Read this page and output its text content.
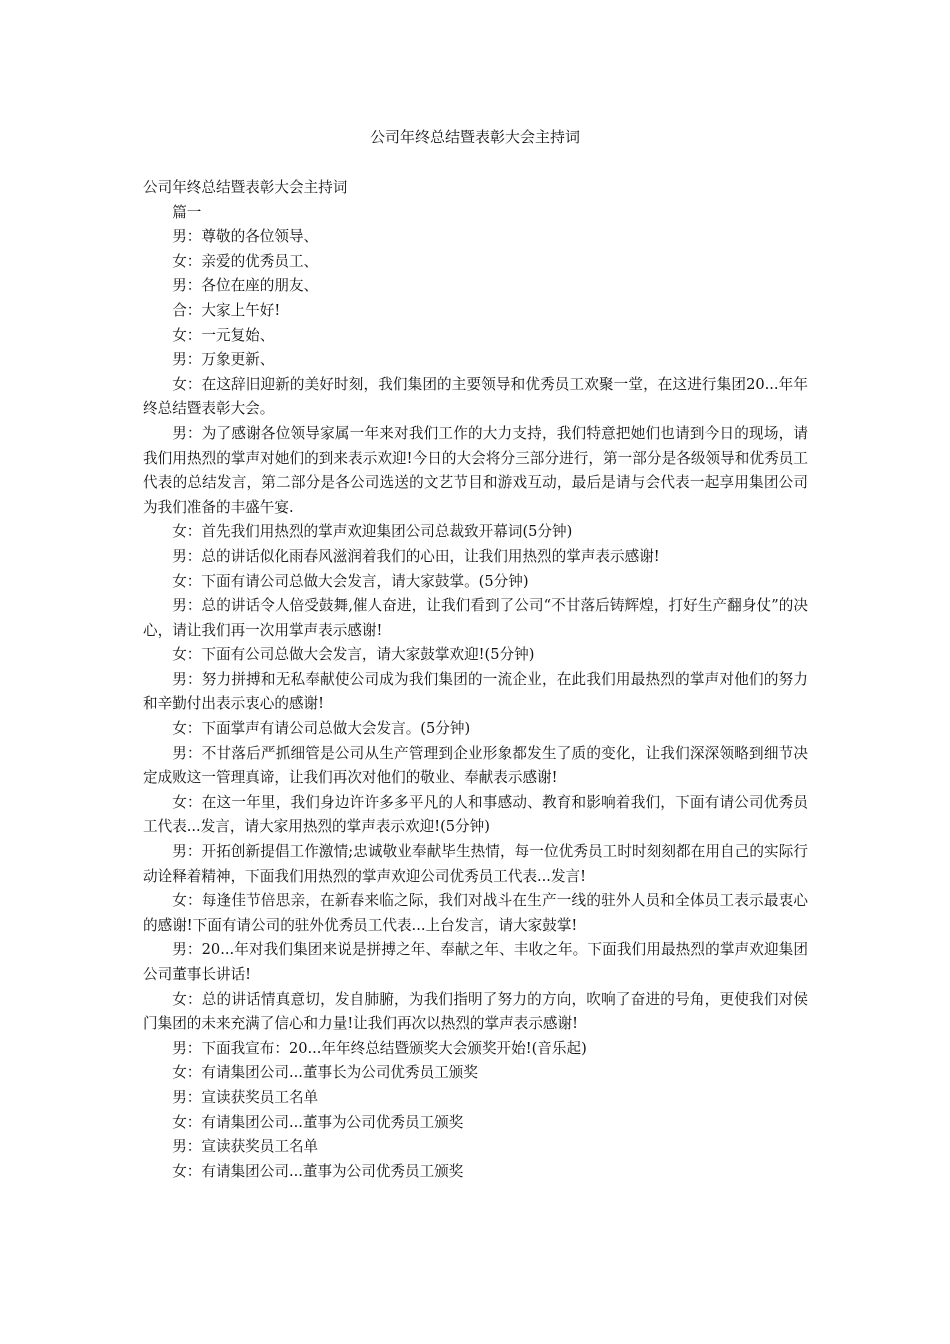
公司年终总结暨表彰大会主持词

公司年终总结暨表彰大会主持词

篇一

男：尊敬的各位领导、

女：亲爱的优秀员工、

男：各位在座的朋友、

合：大家上午好!

女：一元复始、

男：万象更新、

女：在这辞旧迎新的美好时刻，我们集团的主要领导和优秀员工欢聚一堂，在这进行集团20...年年终总结暨表彰大会。

男：为了感谢各位领导家属一年来对我们工作的大力支持，我们特意把她们也请到今日的现场，请我们用热烈的掌声对她们的到来表示欢迎!今日的大会将分三部分进行，第一部分是各级领导和优秀员工代表的总结发言，第二部分是各公司选送的文艺节目和游戏互动，最后是请与会代表一起享用集团公司为我们准备的丰盛午宴.

女：首先我们用热烈的掌声欢迎集团公司总裁致开幕词(5分钟)

男：总的讲话似化雨春风滋润着我们的心田，让我们用热烈的掌声表示感谢!

女：下面有请公司总做大会发言，请大家鼓掌。(5分钟)

男：总的讲话令人倍受鼓舞,催人奋进，让我们看到了公司“不甘落后铸辉煌，打好生产翻身仗”的决心，请让我们再一次用掌声表示感谢!

女：下面有公司总做大会发言，请大家鼓掌欢迎!(5分钟)

男：努力拼搏和无私奉献使公司成为我们集团的一流企业，在此我们用最热烈的掌声对他们的努力和辛勤付出表示衷心的感谢!

女：下面掌声有请公司总做大会发言。(5分钟)

男：不甘落后严抓细管是公司从生产管理到企业形象都发生了质的变化，让我们深深领略到细节决定成败这一管理真谛，让我们再次对他们的敬业、奉献表示感谢!

女：在这一年里，我们身边许许多多平凡的人和事感动、教育和影响着我们，下面有请公司优秀员工代表...发言，请大家用热烈的掌声表示欢迎!(5分钟)

男：开拓创新提倡工作激情;忠诚敬业奉献毕生热情，每一位优秀员工时时刻刻都在用自己的实际行动诠释着精神，下面我们用热烈的掌声欢迎公司优秀员工代表...发言!

女：每逢佳节倍思亲，在新春来临之际，我们对战斗在生产一线的驻外人员和全体员工表示最衷心的感谢!下面有请公司的驻外优秀员工代表...上台发言，请大家鼓掌!

男：20...年对我们集团来说是拼搏之年、奉献之年、丰收之年。下面我们用最热烈的掌声欢迎集团公司董事长讲话!

女：总的讲话情真意切，发自肺腑，为我们指明了努力的方向，吹响了奋进的号角，更使我们对侯门集团的未来充满了信心和力量!让我们再次以热烈的掌声表示感谢!

男：下面我宣布：20...年年终总结暨颁奖大会颁奖开始!(音乐起)

女：有请集团公司...董事长为公司优秀员工颁奖

男：宣读获奖员工名单

女：有请集团公司...董事为公司优秀员工颁奖

男：宣读获奖员工名单

女：有请集团公司...董事为公司优秀员工颁奖
